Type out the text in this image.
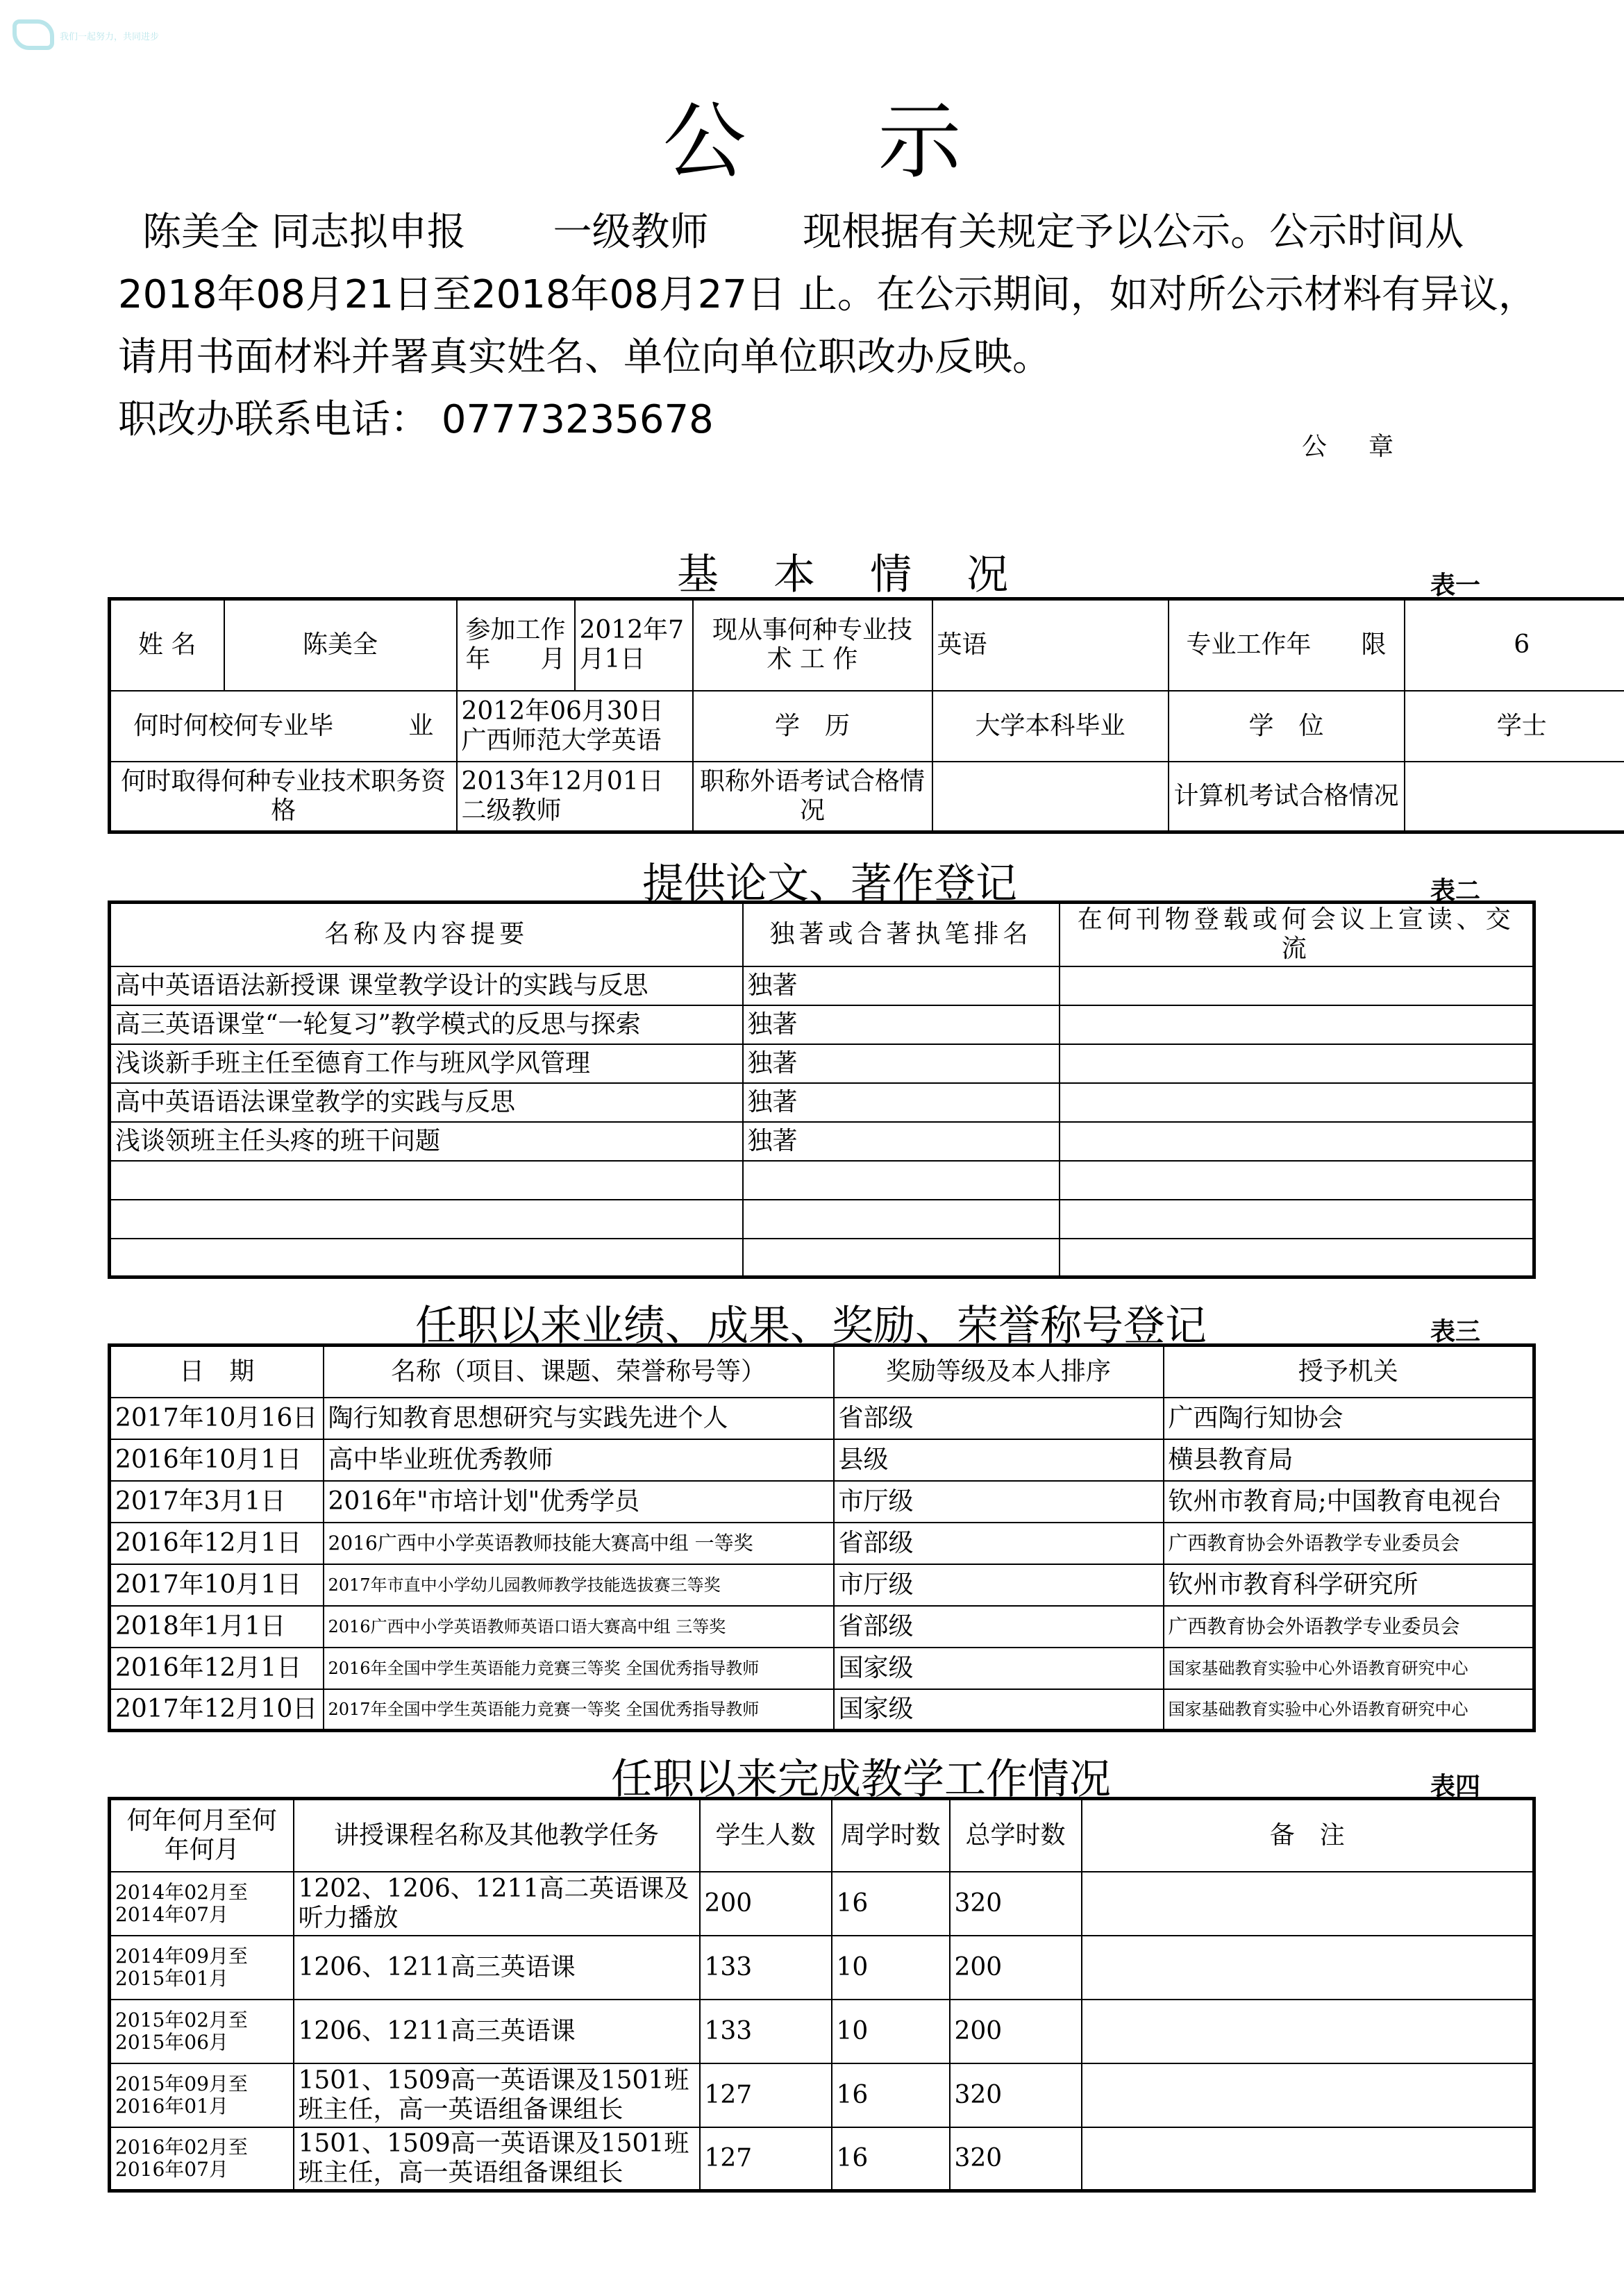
我们一起努力，共同进步
公示
陈美全 同志拟申报 一级教师 现根据有关规定予以公示。公示时间从
2018年08月21日至2018年08月27日 止。在公示期间，如对所公示材料有异议，
请用书面材料并署真实姓名、单位向单位职改办反映。
职改办联系电话： 07773235678
公章
基 本 情 况	表一
姓 名	陈美全	参加工作年　　月	2012年7月1日	现从事何种专业技 术 工 作	英语	专业工作年　　限	6
何时何校何专业毕　　　业		2012年06月30日广西师范大学英语		学　历	大学本科毕业	学　位	学士
何时取得何种专业技术职务资格		2013年12月01日二级教师		职称外语考试合格情况		计算机考试合格情况	
提供论文、著作登记	表二
名称及内容提要	独著或合著执笔排名	在何刊物登载或何会议上宣读、交流
高中英语语法新授课 课堂教学设计的实践与反思	独著	
高三英语课堂“一轮复习”教学模式的反思与探索	独著	
浅谈新手班主任至德育工作与班风学风管理	独著	
高中英语语法课堂教学的实践与反思	独著	
浅谈领班主任头疼的班干问题	独著	

任职以来业绩、成果、奖励、荣誉称号登记	表三
日　期	名称（项目、课题、荣誉称号等）	奖励等级及本人排序	授予机关
2017年10月16日	陶行知教育思想研究与实践先进个人	省部级	广西陶行知协会
2016年10月1日	高中毕业班优秀教师	县级	横县教育局
2017年3月1日	2016年"市培计划"优秀学员	市厅级	钦州市教育局;中国教育电视台
2016年12月1日	2016广西中小学英语教师技能大赛高中组 一等奖	省部级	广西教育协会外语教学专业委员会
2017年10月1日	2017年市直中小学幼儿园教师教学技能选拔赛三等奖	市厅级	钦州市教育科学研究所
2018年1月1日	2016广西中小学英语教师英语口语大赛高中组 三等奖	省部级	广西教育协会外语教学专业委员会
2016年12月1日	2016年全国中学生英语能力竞赛三等奖 全国优秀指导教师	国家级	国家基础教育实验中心外语教育研究中心
2017年12月10日	2017年全国中学生英语能力竞赛一等奖 全国优秀指导教师	国家级	国家基础教育实验中心外语教育研究中心
任职以来完成教学工作情况	表四
何年何月至何年何月	讲授课程名称及其他教学任务	学生人数	周学时数	总学时数	备　注
2014年02月至2014年07月	1202、1206、1211高二英语课及听力播放	200	16	320	
2014年09月至2015年01月	1206、1211高三英语课	133	10	200	
2015年02月至2015年06月	1206、1211高三英语课	133	10	200	
2015年09月至2016年01月	1501、1509高一英语课及1501班班主任，高一英语组备课组长	127	16	320	
2016年02月至2016年07月	1501、1509高一英语课及1501班班主任，高一英语组备课组长	127	16	320	
